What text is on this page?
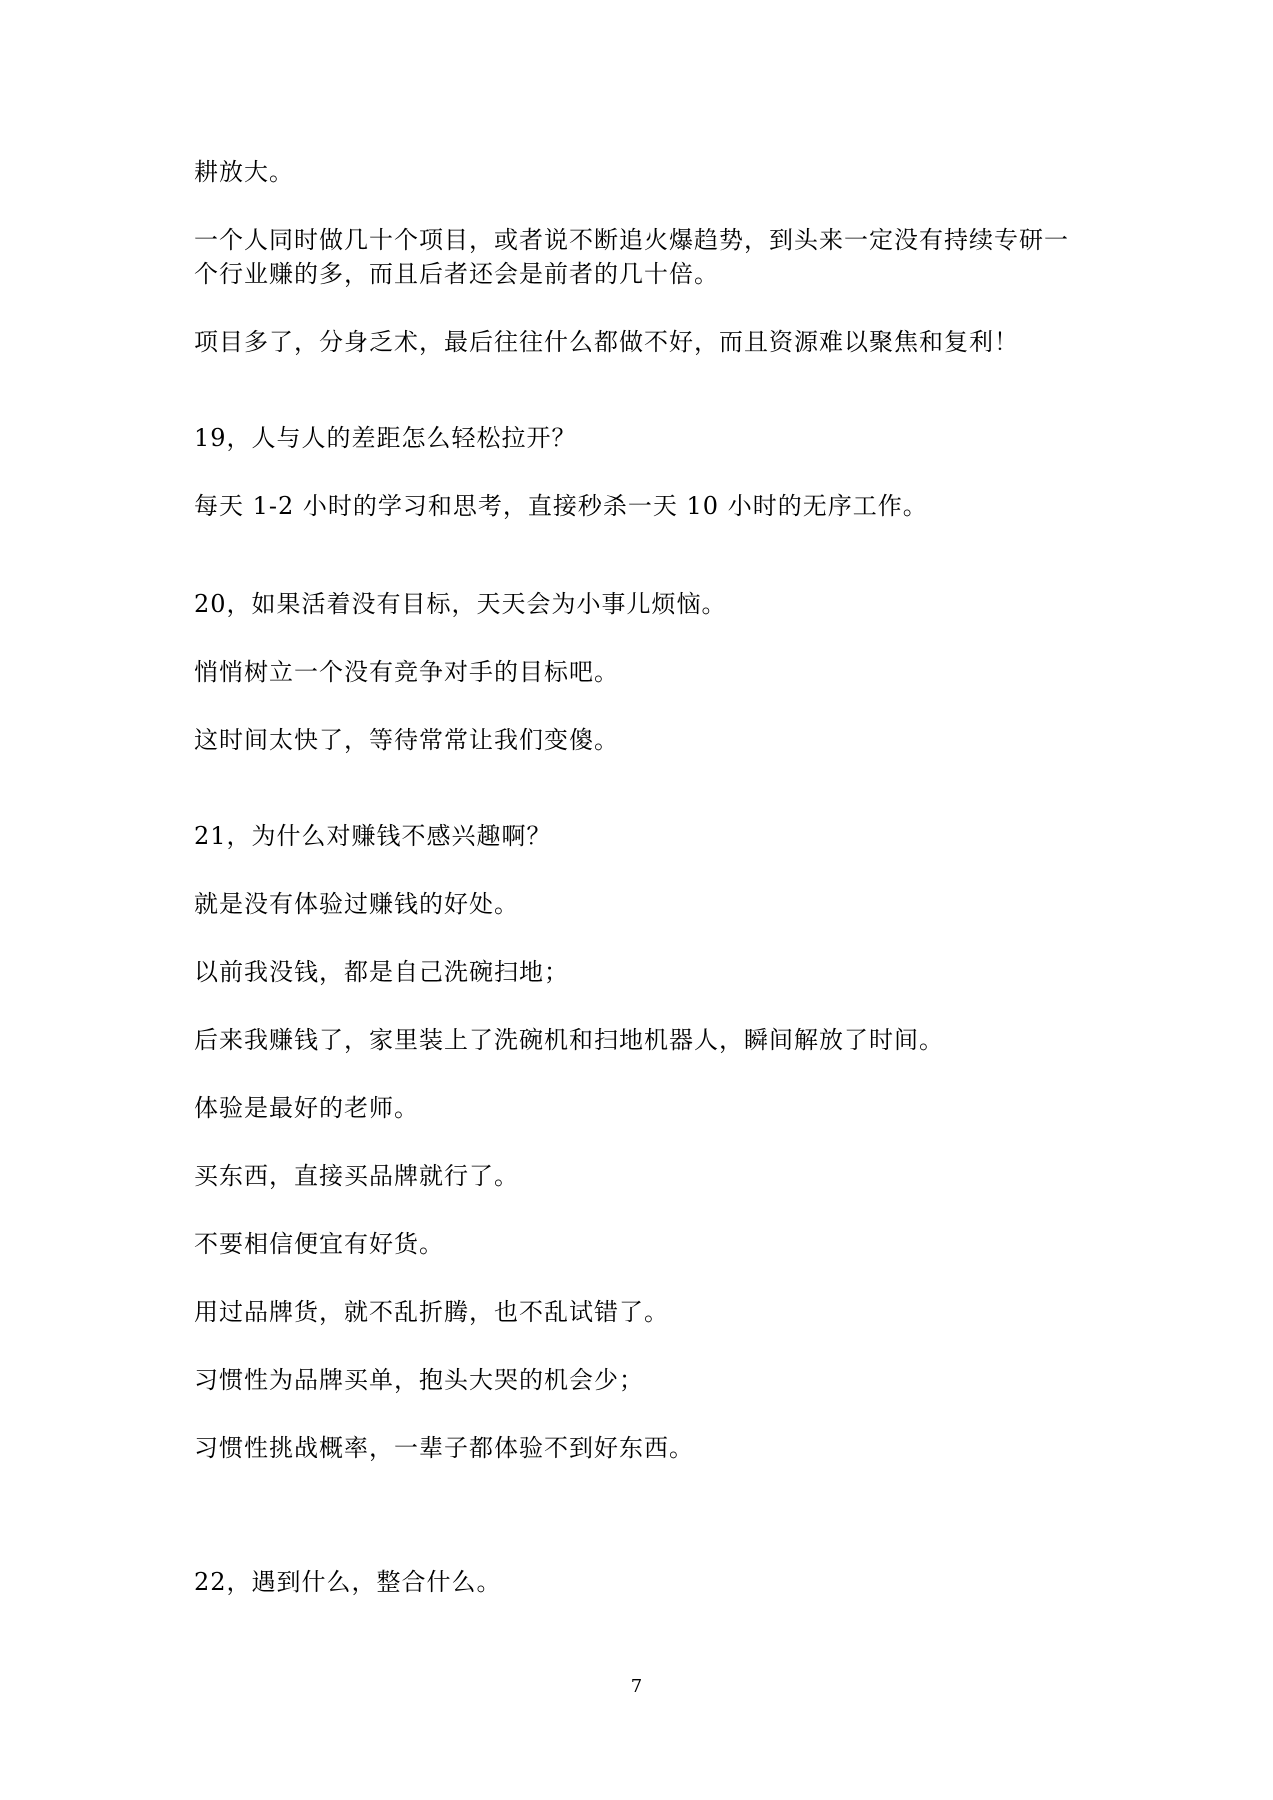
耕放大。
一个人同时做几十个项目，或者说不断追火爆趋势，到头来一定没有持续专研一
个行业赚的多，而且后者还会是前者的几十倍。
项目多了，分身乏术，最后往往什么都做不好，而且资源难以聚焦和复利！
19，人与人的差距怎么轻松拉开？
每天 1-2 小时的学习和思考，直接秒杀一天 10 小时的无序工作。
20，如果活着没有目标，天天会为小事儿烦恼。
悄悄树立一个没有竞争对手的目标吧。
这时间太快了，等待常常让我们变傻。
21，为什么对赚钱不感兴趣啊？
就是没有体验过赚钱的好处。
以前我没钱，都是自己洗碗扫地；
后来我赚钱了，家里装上了洗碗机和扫地机器人，瞬间解放了时间。
体验是最好的老师。
买东西，直接买品牌就行了。
不要相信便宜有好货。
用过品牌货，就不乱折腾，也不乱试错了。
习惯性为品牌买单，抱头大哭的机会少；
习惯性挑战概率，一辈子都体验不到好东西。
22，遇到什么，整合什么。
7
